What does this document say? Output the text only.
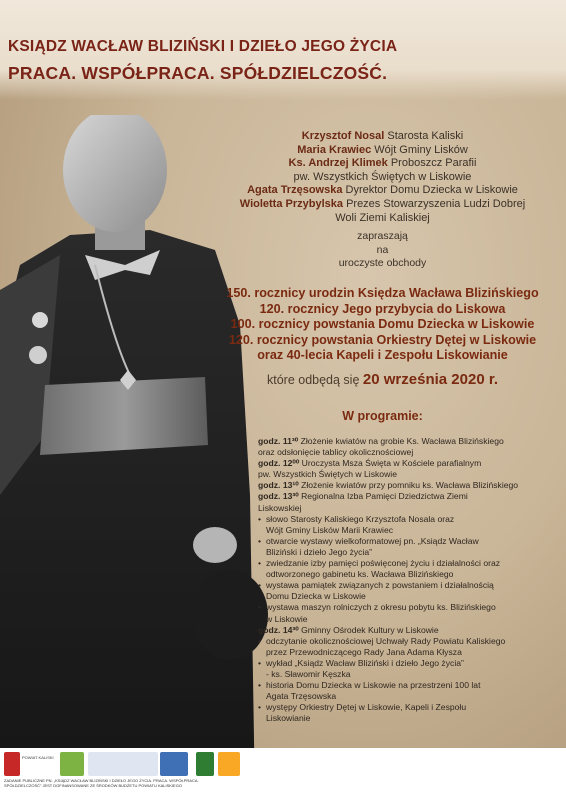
KSIĄDZ WACŁAW BLIZIŃSKI I DZIEŁO JEGO ŻYCIA
PRACA. WSPÓŁPRACA. SPÓŁDZIELCZOŚĆ.
Krzysztof Nosal Starosta Kaliski
Maria Krawiec Wójt Gminy Lisków
Ks. Andrzej Klimek Proboszcz Parafii
pw. Wszystkich Świętych w Liskowie
Agata Trzęsowska Dyrektor Domu Dziecka w Liskowie
Wioletta Przybylska Prezes Stowarzyszenia Ludzi Dobrej
Woli Ziemi Kaliskiej
zapraszają
na
uroczyste obchody
150. rocznicy urodzin Księdza Wacława Blizińskiego
120. rocznicy Jego przybycia do Liskowa
100. rocznicy powstania Domu Dziecka w Liskowie
120. rocznicy powstania Orkiestry Dętej w Liskowie
oraz 40-lecia Kapeli i Zespołu Liskowianie
które odbędą się 20 września 2020 r.
W programie:
godz. 11³⁰ Złożenie kwiatów na grobie Ks. Wacława Blizińskiego
oraz odsłonięcie tablicy okolicznościowej
godz. 12⁰⁰ Uroczysta Msza Święta w Kościele parafialnym
pw. Wszystkich Świętych w Liskowie
godz. 13¹⁰ Złożenie kwiatów przy pomniku ks. Wacława Blizińskiego
godz. 13³⁰ Regionalna Izba Pamięci Dziedzictwa Ziemi
Liskowskiej
• słowo Starosty Kaliskiego Krzysztofa Nosala oraz
Wójt Gminy Lisków Marii Krawiec
• otwarcie wystawy wielkoformatowej pn. „Ksiądz Wacław
Bliziński i dzieło Jego życia”
• zwiedzanie izby pamięci poświęconej życiu i działalności oraz
odtworzonego gabinetu ks. Wacława Blizińskiego
• wystawa pamiątek związanych z powstaniem i działalnością
Domu Dziecka w Liskowie
• wystawa maszyn rolniczych z okresu pobytu ks. Blizińskiego
w Liskowie
godz. 14³⁰ Gminny Ośrodek Kultury w Liskowie
• odczytanie okolicznościowej Uchwały Rady Powiatu Kaliskiego
przez Przewodniczącego Rady Jana Adama Kłysza
• wykład „Ksiądz Wacław Bliziński i dzieło Jego życia”
- ks. Sławomir Kęszka
• historia Domu Dziecka w Liskowie na przestrzeni 100 lat
Agata Trzęsowska
• występy Orkiestry Dętej w Liskowie, Kapeli i Zespołu
Liskowianie
POWIAT KALISKI
ZADANIE PUBLICZNE PN. „KSIĄDZ WACŁAW BLIZIŃSKI I DZIEŁO JEGO ŻYCIA. PRACA. WSPÓŁPRACA. SPÓŁDZIELCZOŚĆ” JEST DOFINANSOWANE ZE ŚRODKÓW BUDŻETU POWIATU KALISKIEGO
